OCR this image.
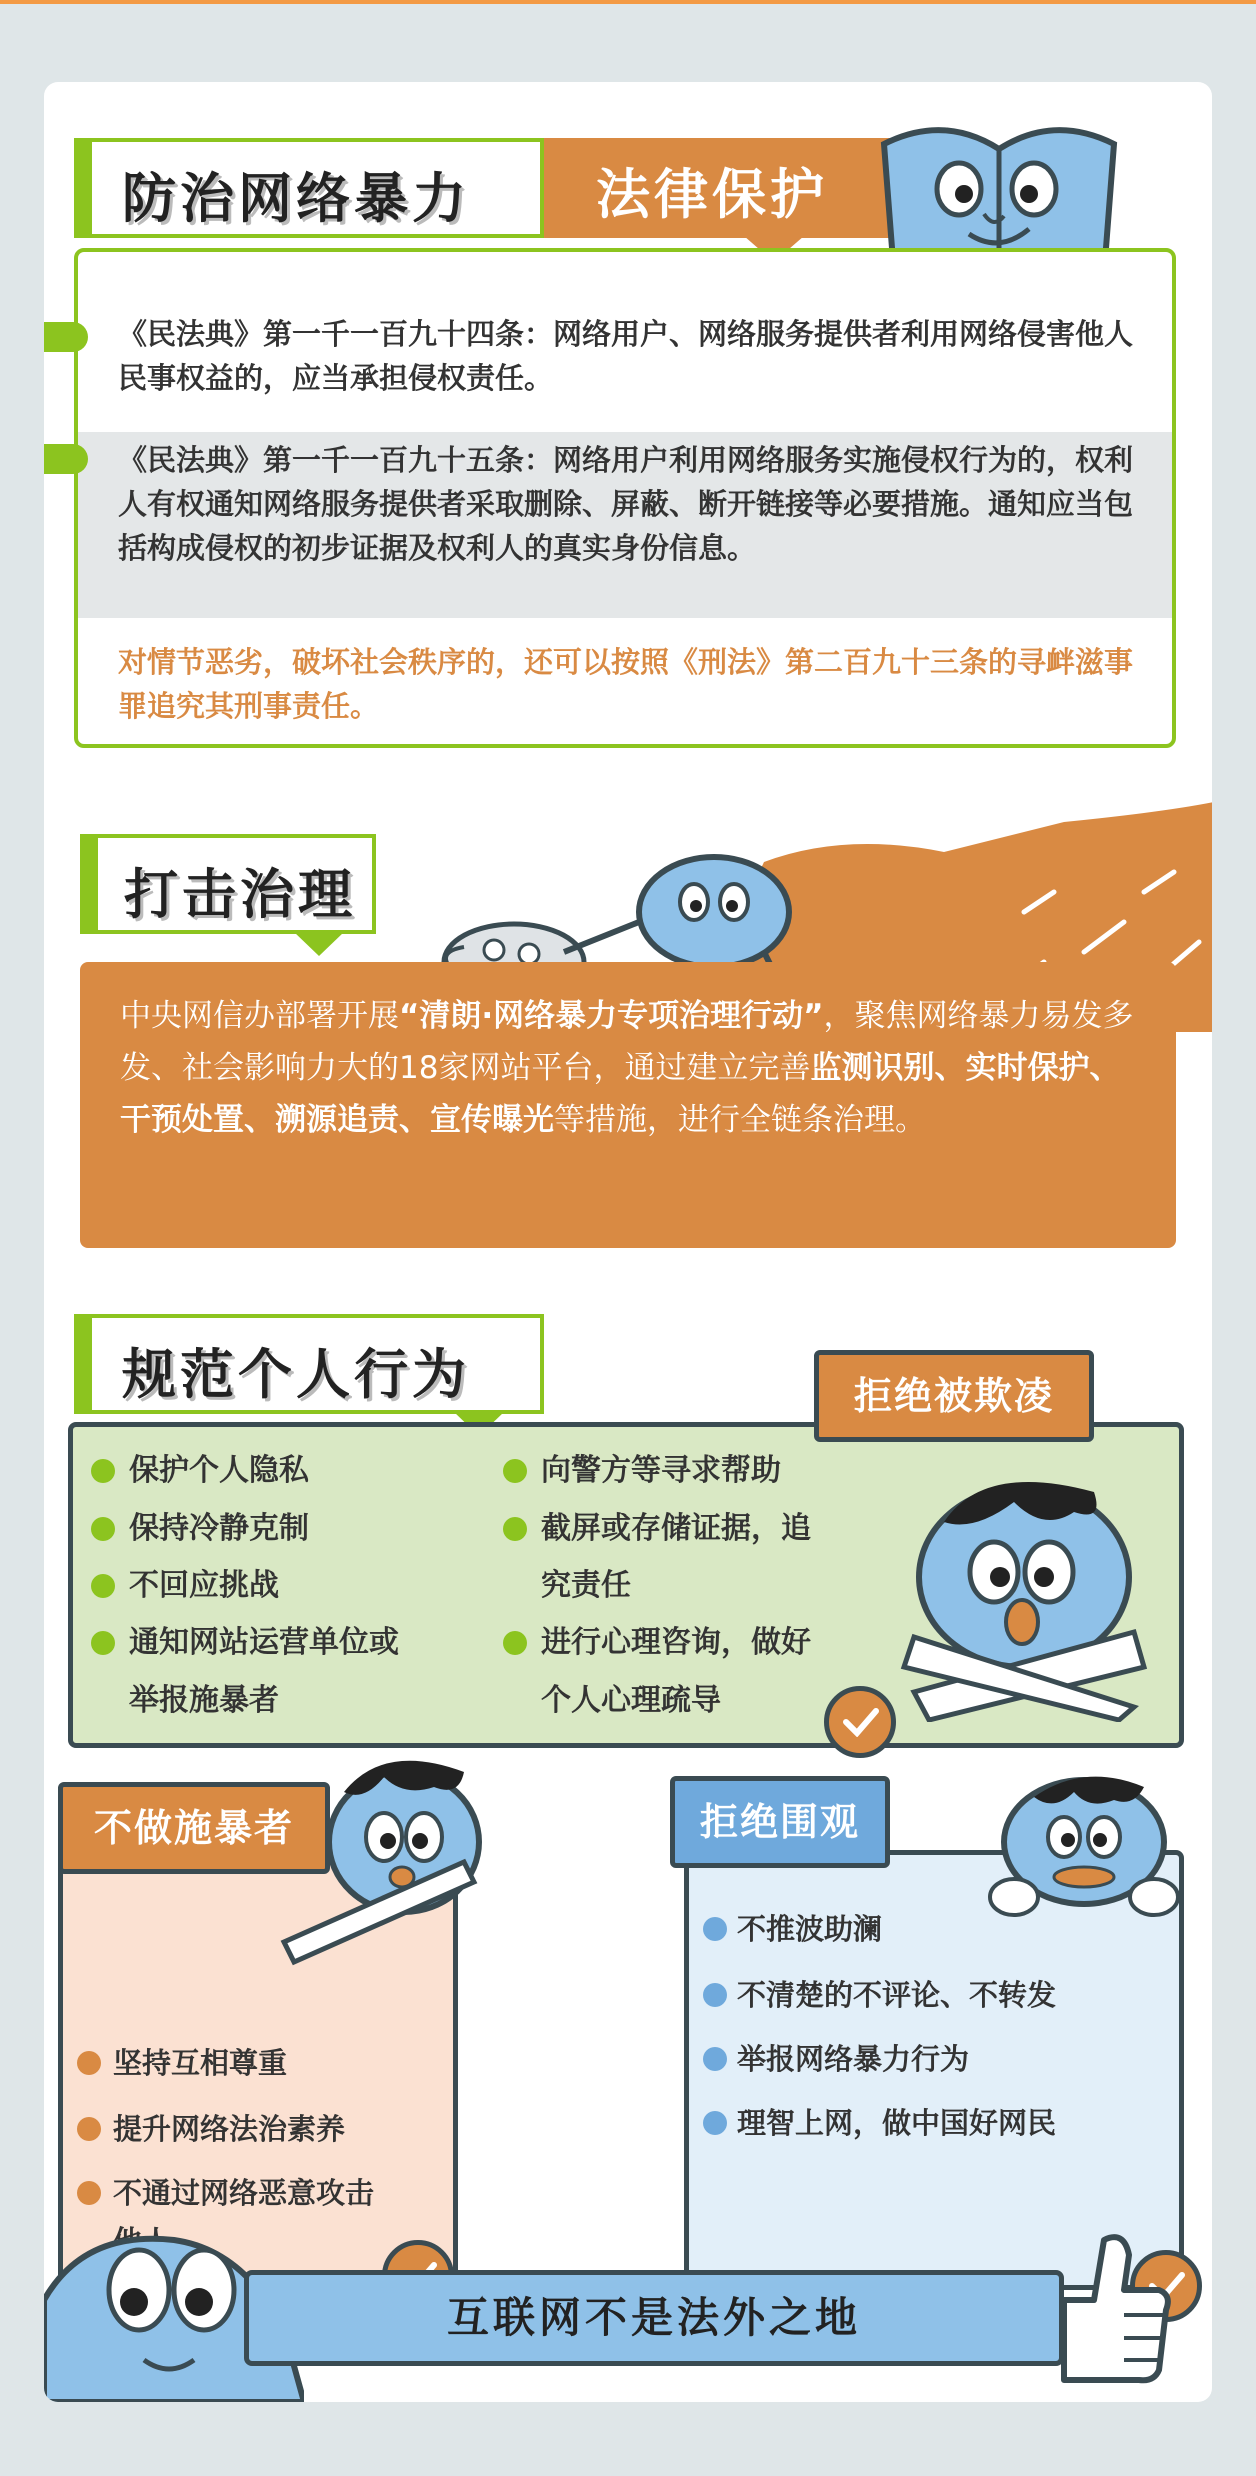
防治网络暴力 法律保护
《民法典》第一千一百九十四条：网络用户、网络服务提供者利用网络侵害他人民事权益的，应当承担侵权责任。
《民法典》第一千一百九十五条：网络用户利用网络服务实施侵权行为的，权利人有权通知网络服务提供者采取删除、屏蔽、断开链接等必要措施。通知应当包括构成侵权的初步证据及权利人的真实身份信息。
对情节恶劣，破坏社会秩序的，还可以按照《刑法》第二百九十三条的寻衅滋事罪追究其刑事责任。
打击治理
中央网信办部署开展“清朗·网络暴力专项治理行动”，聚焦网络暴力易发多发、社会影响力大的18家网站平台，通过建立完善监测识别、实时保护、干预处置、溯源追责、宣传曝光等措施，进行全链条治理。
规范个人行为
保护个人隐私
保持冷静克制
不回应挑战
通知网站运营单位或
举报施暴者
向警方等寻求帮助
截屏或存储证据，追
究责任
进行心理咨询，做好
个人心理疏导
拒绝被欺凌
坚持互相尊重
提升网络法治素养
不通过网络恶意攻击
不做施暴者
不推波助澜
不清楚的不评论、不转发
举报网络暴力行为
理智上网，做中国好网民
拒绝围观
互联网不是法外之地
